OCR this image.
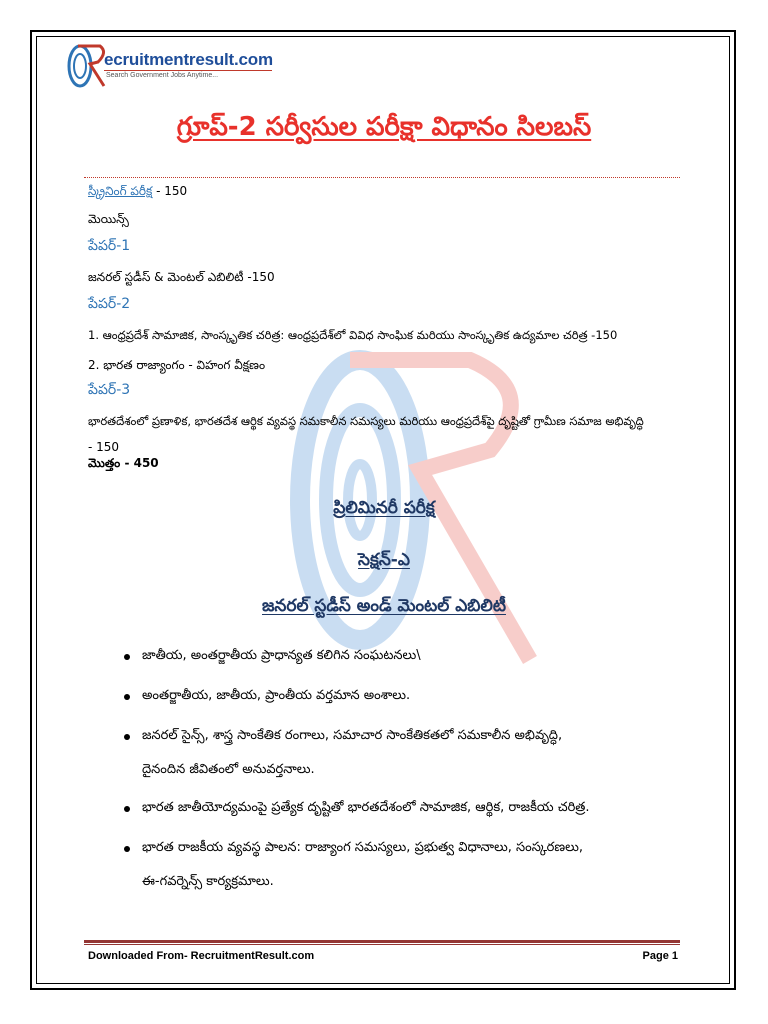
ecruitmentresult.com
Search Government Jobs Anytime...
గ్రూప్-2 సర్వీసుల పరీక్షా విధానం సిలబస్
స్క్రీనింగ్ పరీక్ష - 150
మెయిన్స్
పేపర్-1
జనరల్ స్టడీస్ & మెంటల్ ఎబిలిటీ -150
పేపర్-2
1. ఆంధ్రప్రదేశ్ సామాజిక, సాంస్కృతిక చరిత్ర: ఆంధ్రప్రదేశ్‌లో వివిధ సాంఘిక మరియు సాంస్కృతిక ఉద్యమాల చరిత్ర -150
2. భారత రాజ్యాంగం - విహంగ వీక్షణం
పేపర్-3
భారతదేశంలో ప్రణాళిక, భారతదేశ ఆర్థిక వ్యవస్థ సమకాలీన సమస్యలు మరియు ఆంధ్రప్రదేశ్‌పై దృష్టితో గ్రామీణ సమాజ అభివృద్ధి
- 150
మొత్తం - 450
ప్రిలిమినరీ పరీక్ష
సెక్షన్-ఎ
జనరల్ స్టడీస్ అండ్ మెంటల్ ఎబిలిటీ
జాతీయ, అంతర్జాతీయ ప్రాధాన్యత కలిగిన సంఘటనలు\
అంతర్జాతీయ, జాతీయ, ప్రాంతీయ వర్తమాన అంశాలు.
జనరల్ సైన్స్, శాస్త్ర సాంకేతిక రంగాలు, సమాచార సాంకేతికతలో సమకాలీన అభివృద్ధి,
దైనందిన జీవితంలో అనువర్తనాలు.
భారత జాతీయోద్యమంపై ప్రత్యేక దృష్టితో భారతదేశంలో సామాజిక, ఆర్థిక, రాజకీయ చరిత్ర.
భారత రాజకీయ వ్యవస్థ పాలన: రాజ్యాంగ సమస్యలు, ప్రభుత్వ విధానాలు, సంస్కరణలు,
ఈ-గవర్నెన్స్ కార్యక్రమాలు.
Downloaded From- RecruitmentResult.com	Page 1
